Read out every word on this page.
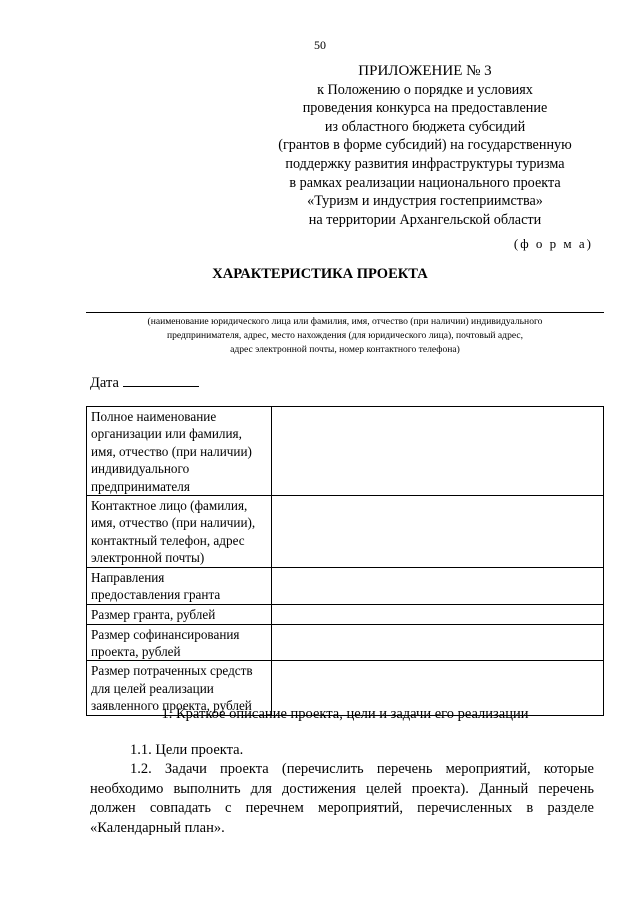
50
ПРИЛОЖЕНИЕ № 3
к Положению о порядке и условиях
проведения конкурса на предоставление
из областного бюджета субсидий
(грантов в форме субсидий) на государственную
поддержку развития инфраструктуры туризма
в рамках реализации национального проекта
«Туризм и индустрия гостеприимства»
на территории Архангельской области
(ф о р м а)
ХАРАКТЕРИСТИКА ПРОЕКТА
(наименование юридического лица или фамилия, имя, отчество (при наличии) индивидуального
предпринимателя, адрес, место нахождения (для юридического лица), почтовый адрес,
адрес электронной почты, номер контактного телефона)
Дата
Полное наименование
организации или фамилия,
имя, отчество (при наличии)
индивидуального
предпринимателя	

Контактное лицо (фамилия,
имя, отчество (при наличии),
контактный телефон, адрес
электронной почты)	

Направления
предоставления гранта	

Размер гранта, рублей	

Размер софинансирования
проекта, рублей	

Размер потраченных средств
для целей реализации
заявленного проекта, рублей	

1. Краткое описание проекта, цели и задачи его реализации
1.1. Цели проекта.
1.2. Задачи проекта (перечислить перечень мероприятий, которые необходимо выполнить для достижения целей проекта). Данный перечень должен совпадать с перечнем мероприятий, перечисленных в разделе «Календарный план».
